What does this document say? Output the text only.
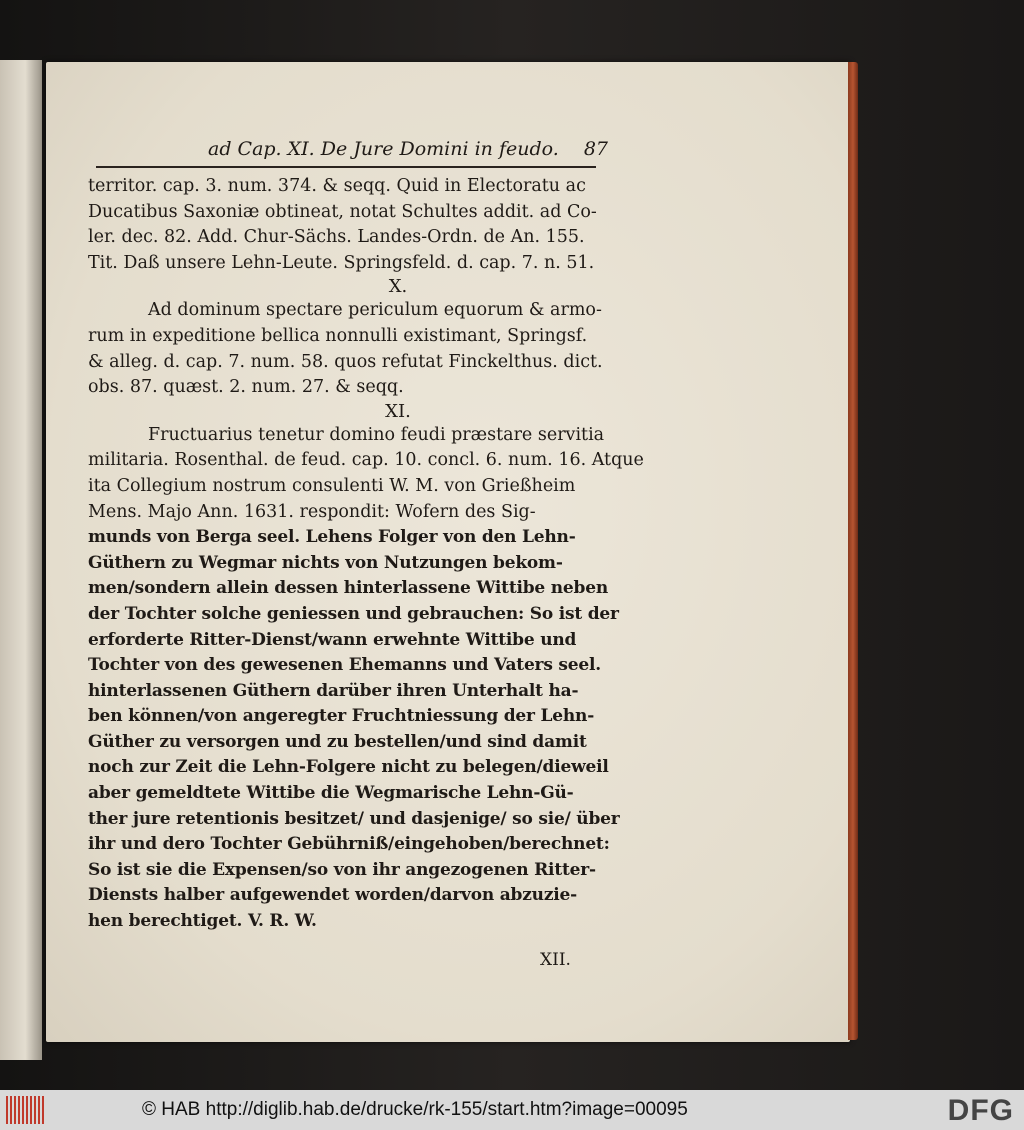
ad Cap. XI. De Jure Domini in feudo. 87
territor. cap. 3. num. 374. & seqq. Quid in Electoratu ac
Ducatibus Saxoniæ obtineat, notat Schultes addit. ad Co-
ler. dec. 82. Add. Chur-Sächs. Landes-Ordn. de An. 155.
Tit. Daß unsere Lehn-Leute. Springsfeld. d. cap. 7. n. 51.
X.
Ad dominum spectare periculum equorum & armo-
rum in expeditione bellica nonnulli existimant, Springsf.
& alleg. d. cap. 7. num. 58. quos refutat Finckelthus. dict.
obs. 87. quæst. 2. num. 27. & seqq.
XI.
Fructuarius tenetur domino feudi præstare servitia
militaria. Rosenthal. de feud. cap. 10. concl. 6. num. 16. Atque
ita Collegium nostrum consulenti W. M. von Grießheim
Mens. Majo Ann. 1631. respondit: Wofern des Sig-
munds von Berga seel. Lehens Folger von den Lehn-
Güthern zu Wegmar nichts von Nutzungen bekom-
men/sondern allein dessen hinterlassene Wittibe neben
der Tochter solche geniessen und gebrauchen: So ist der
erforderte Ritter-Dienst/wann erwehnte Wittibe und
Tochter von des gewesenen Ehemanns und Vaters seel.
hinterlassenen Güthern darüber ihren Unterhalt ha-
ben können/von angeregter Fruchtniessung der Lehn-
Güther zu versorgen und zu bestellen/und sind damit
noch zur Zeit die Lehn-Folgere nicht zu belegen/dieweil
aber gemeldtete Wittibe die Wegmarische Lehn-Gü-
ther jure retentionis besitzet/ und dasjenige/ so sie/ über
ihr und dero Tochter Gebührniß/eingehoben/berechnet:
So ist sie die Expensen/so von ihr angezogenen Ritter-
Diensts halber aufgewendet worden/darvon abzuzie-
hen berechtiget. V. R. W.
XII.
© HAB http://diglib.hab.de/drucke/rk-155/start.htm?image=00095	DFG
